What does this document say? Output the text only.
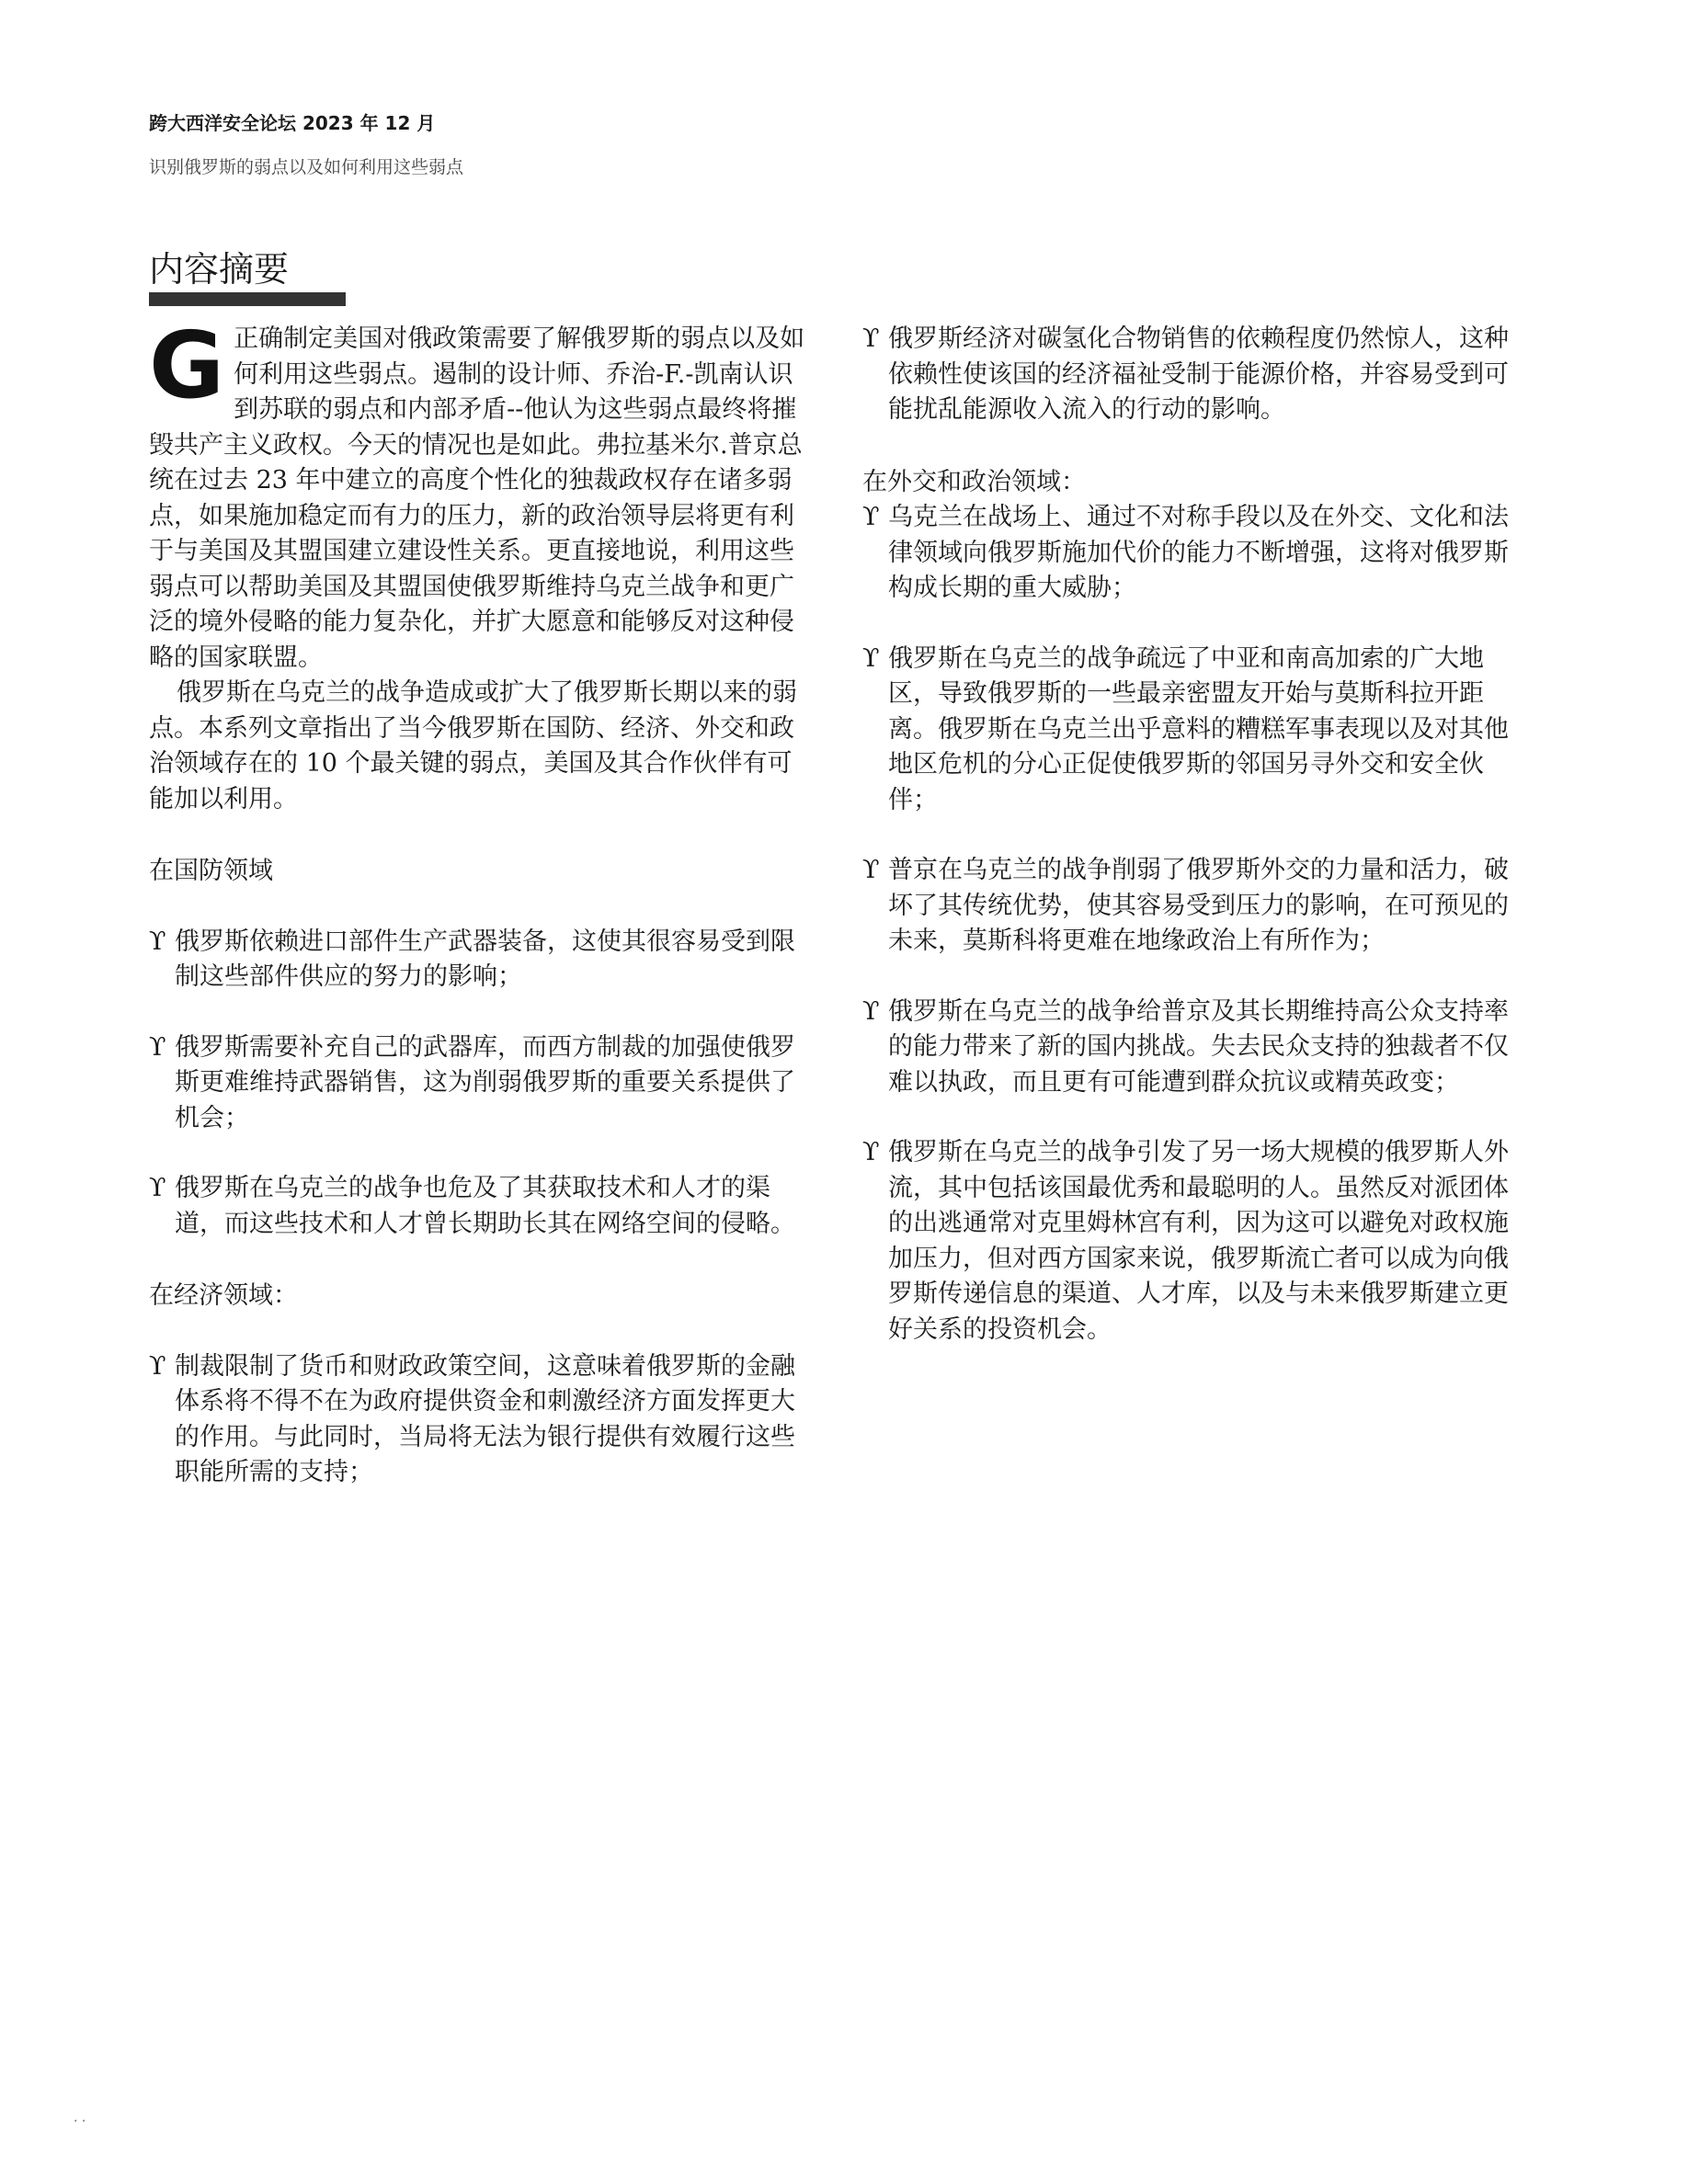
跨大西洋安全论坛 2023 年 12 月
识别俄罗斯的弱点以及如何利用这些弱点
内容摘要

G正确制定美国对俄政策需要了解俄罗斯的弱点以及如何利用这些弱点。遏制的设计师、乔治-F.-凯南认识到苏联的弱点和内部矛盾--他认为这些弱点最终将摧毁共产主义政权。今天的情况也是如此。弗拉基米尔.普京总统在过去 23 年中建立的高度个性化的独裁政权存在诸多弱点，如果施加稳定而有力的压力，新的政治领导层将更有利于与美国及其盟国建立建设性关系。更直接地说，利用这些弱点可以帮助美国及其盟国使俄罗斯维持乌克兰战争和更广泛的境外侵略的能力复杂化，并扩大愿意和能够反对这种侵略的国家联盟。

俄罗斯在乌克兰的战争造成或扩大了俄罗斯长期以来的弱点。本系列文章指出了当今俄罗斯在国防、经济、外交和政治领域存在的 10 个最关键的弱点，美国及其合作伙伴有可能加以利用。

在国防领域

ϒ 俄罗斯依赖进口部件生产武器装备，这使其很容易受到限制这些部件供应的努力的影响；
ϒ 俄罗斯需要补充自己的武器库，而西方制裁的加强使俄罗斯更难维持武器销售，这为削弱俄罗斯的重要关系提供了机会；
ϒ 俄罗斯在乌克兰的战争也危及了其获取技术和人才的渠道，而这些技术和人才曾长期助长其在网络空间的侵略。

在经济领域：

ϒ 制裁限制了货币和财政政策空间，这意味着俄罗斯的金融体系将不得不在为政府提供资金和刺激经济方面发挥更大的作用。与此同时，当局将无法为银行提供有效履行这些职能所需的支持；
ϒ 俄罗斯经济对碳氢化合物销售的依赖程度仍然惊人，这种依赖性使该国的经济福祉受制于能源价格，并容易受到可能扰乱能源收入流入的行动的影响。

在外交和政治领域：

ϒ 乌克兰在战场上、通过不对称手段以及在外交、文化和法律领域向俄罗斯施加代价的能力不断增强，这将对俄罗斯构成长期的重大威胁；
ϒ 俄罗斯在乌克兰的战争疏远了中亚和南高加索的广大地区，导致俄罗斯的一些最亲密盟友开始与莫斯科拉开距离。俄罗斯在乌克兰出乎意料的糟糕军事表现以及对其他地区危机的分心正促使俄罗斯的邻国另寻外交和安全伙伴；
ϒ 普京在乌克兰的战争削弱了俄罗斯外交的力量和活力，破坏了其传统优势，使其容易受到压力的影响，在可预见的未来，莫斯科将更难在地缘政治上有所作为；
ϒ 俄罗斯在乌克兰的战争给普京及其长期维持高公众支持率的能力带来了新的国内挑战。失去民众支持的独裁者不仅难以执政，而且更有可能遭到群众抗议或精英政变；
ϒ 俄罗斯在乌克兰的战争引发了另一场大规模的俄罗斯人外流，其中包括该国最优秀和最聪明的人。虽然反对派团体的出逃通常对克里姆林宫有利，因为这可以避免对政权施加压力，但对西方国家来说，俄罗斯流亡者可以成为向俄罗斯传递信息的渠道、人才库，以及与未来俄罗斯建立更好关系的投资机会。
· ·
